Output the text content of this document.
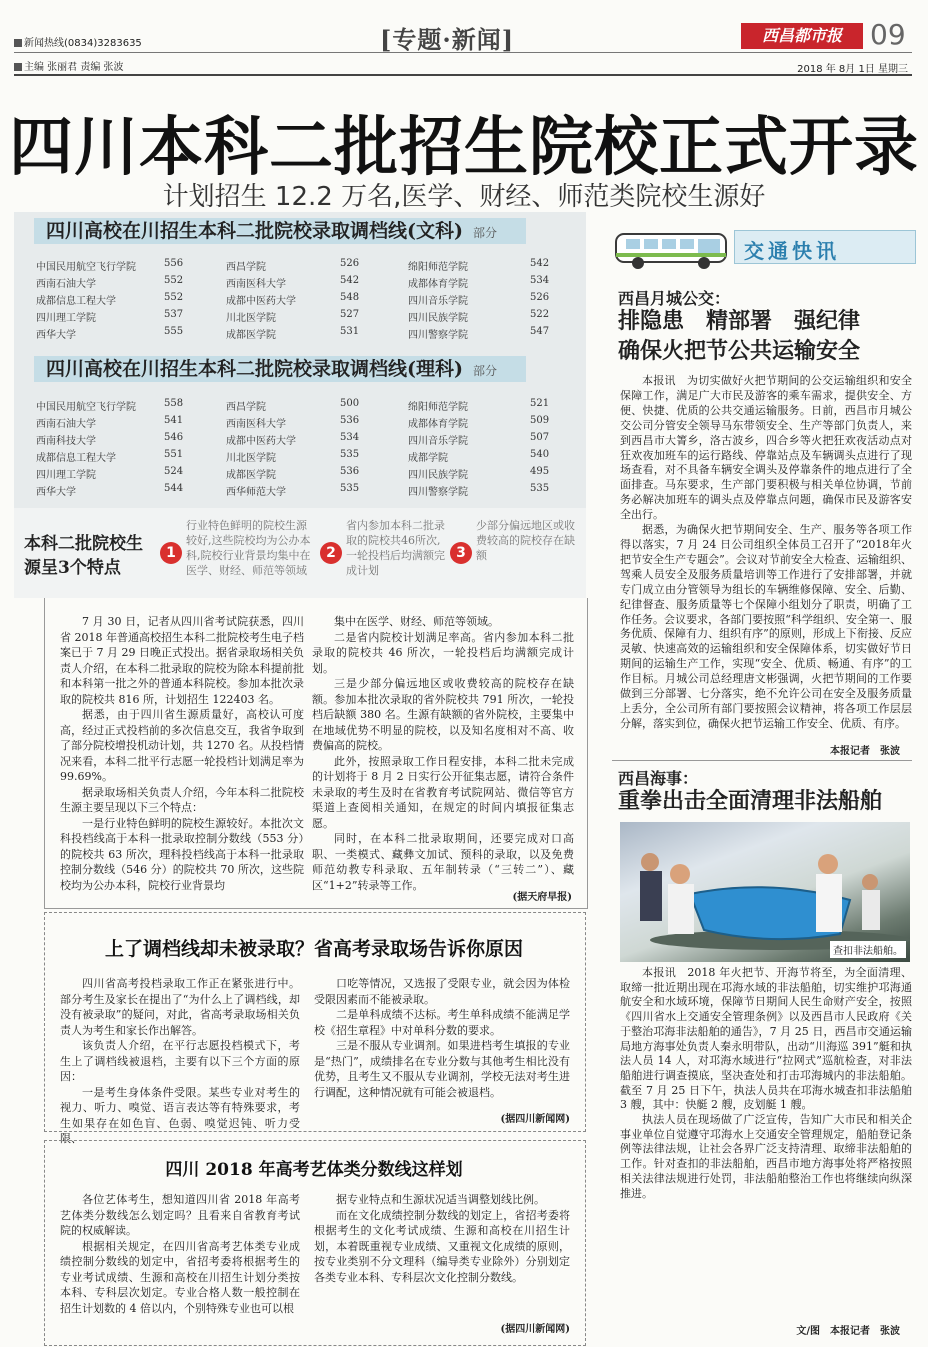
新闻热线(0834)3283635
主编 张丽君 责编 张波
[专题·新闻]	西昌都市报	09
2018 年 8月 1日 星期三
四川本科二批招生院校正式开录
计划招生 12.2 万名,医学、财经、师范类院校生源好
四川高校在川招生本科二批院校录取调档线(文科) 部分
中国民用航空飞行学院	556	西昌学院	526	绵阳师范学院	542
西南石油大学	552	西南医科大学	542	成都体育学院	534
成都信息工程大学	552	成都中医药大学	548	四川音乐学院	526
四川理工学院	537	川北医学院	527	四川民族学院	522
西华大学	555	成都医学院	531	四川警察学院	547
四川高校在川招生本科二批院校录取调档线(理科) 部分
中国民用航空飞行学院	558	西昌学院	500	绵阳师范学院	521
西南石油大学	541	西南医科大学	536	成都体育学院	509
西南科技大学	546	成都中医药大学	534	四川音乐学院	507
成都信息工程大学	551	川北医学院	535	成都学院	540
四川理工学院	524	成都医学院	536	四川民族学院	495
西华大学	544	西华师范大学	535	四川警察学院	535
本科二批院校生源呈3个特点
1
行业特色鲜明的院校生源较好,这些院校均为公办本科,院校行业背景均集中在医学、财经、师范等领域
2
省内参加本科二批录取的院校共46所次,一轮投档后均满额完成计划
3
少部分偏远地区或收费较高的院校存在缺额

7 月 30 日，记者从四川省考试院获悉，四川省 2018 年普通高校招生本科二批院校考生电子档案已于 7 月 29 日晚正式投出。据省录取场相关负责人介绍，在本科二批录取的院校为除本科提前批和本科第一批之外的普通本科院校。参加本批次录取的院校共 816 所，计划招生 122403 名。

据悉，由于四川省生源质量好，高校认可度高，经过正式投档前的多次信息交互，我省争取到了部分院校增投机动计划，共 1270 名。从投档情况来看，本科二批平行志愿一轮投档计划满足率为 99.69%。

据录取场相关负责人介绍，今年本科二批院校生源主要呈现以下三个特点：

一是行业特色鲜明的院校生源较好。本批次文科投档线高于本科一批录取控制分数线（553 分）的院校共 63 所次，理科投档线高于本科一批录取控制分数线（546 分）的院校共 70 所次，这些院校均为公办本科，院校行业背景均

集中在医学、财经、师范等领域。

二是省内院校计划满足率高。省内参加本科二批录取的院校共 46 所次，一轮投档后均满额完成计划。

三是少部分偏远地区或收费较高的院校存在缺额。参加本批次录取的省外院校共 791 所次，一轮投档后缺额 380 名。生源有缺额的省外院校，主要集中在地域优势不明显的院校，以及知名度相对不高、收费偏高的院校。

此外，按照录取工作日程安排，本科二批未完成的计划将于 8 月 2 日实行公开征集志愿，请符合条件未录取的考生及时在省教育考试院网站、微信等官方渠道上查阅相关通知，在规定的时间内填报征集志愿。

同时，在本科二批录取期间，还要完成对口高职、一类模式、藏彝文加试、预科的录取，以及免费师范幼教专科录取、五年制转录（“三转二”）、藏区“1+2”转录等工作。

(据天府早报)
上了调档线却未被录取？省高考录取场告诉你原因

四川省高考投档录取工作正在紧张进行中。部分考生及家长在提出了“为什么上了调档线，却没有被录取”的疑问，对此，省高考录取场相关负责人为考生和家长作出解答。

该负责人介绍，在平行志愿投档模式下，考生上了调档线被退档，主要有以下三个方面的原因：

一是考生身体条件受限。某些专业对考生的视力、听力、嗅觉、语言表达等有特殊要求，考生如果存在如色盲、色弱、嗅觉迟钝、听力受限、

口吃等情况，又选报了受限专业，就会因为体检受限因素而不能被录取。

二是单科成绩不达标。考生单科成绩不能满足学校《招生章程》中对单科分数的要求。

三是不服从专业调剂。如果进档考生填报的专业是“热门”，成绩排名在专业分数与其他考生相比没有优势，且考生又不服从专业调剂，学校无法对考生进行调配，这种情况就有可能会被退档。

(据四川新闻网)
四川 2018 年高考艺体类分数线这样划

各位艺体考生，想知道四川省 2018 年高考艺体类分数线怎么划定吗？且看来自省教育考试院的权威解读。

根据相关规定，在四川省高考艺体类专业成绩控制分数线的划定中，省招考委将根据考生的专业考试成绩、生源和高校在川招生计划分类按本科、专科层次划定。专业合格人数一般控制在招生计划数的 4 倍以内，个别特殊专业也可以根

据专业特点和生源状况适当调整划线比例。

而在文化成绩控制分数线的划定上，省招考委将根据考生的文化考试成绩、生源和高校在川招生计划，本着既重视专业成绩、又重视文化成绩的原则，按专业类别不分文理科（编导类专业除外）分别划定各类专业本科、专科层次文化控制分数线。

(据四川新闻网)
交通快讯
西昌月城公交：
排隐患　精部署　强纪律
确保火把节公共运输安全

本报讯　为切实做好火把节期间的公交运输组织和安全保障工作，满足广大市民及游客的乘车需求，提供安全、方便、快捷、优质的公共交通运输服务。日前，西昌市月城公交公司分管安全领导马东带领安全、生产等部门负责人，来到西昌市大箐乡，洛古波乡，四合乡等火把狂欢夜活动点对狂欢夜加班车的运行路线、停靠站点及车辆调头点进行了现场查看，对不具备车辆安全调头及停靠条件的地点进行了全面排查。马东要求，生产部门要积极与相关单位协调，节前务必解决加班车的调头点及停靠点问题，确保市民及游客安全出行。

据悉，为确保火把节期间安全、生产、服务等各项工作得以落实，7 月 24 日公司组织全体员工召开了“2018年火把节安全生产专题会”。会议对节前安全大检查、运输组织、驾乘人员安全及服务质量培训等工作进行了安排部署，并就专门成立由分管领导为组长的车辆维修保障、安全、后勤、纪律督查、服务质量等七个保障小组划分了职责，明确了工作任务。会议要求，各部门要按照“科学组织、安全第一、服务优质、保障有力、组织有序”的原则，形成上下衔接、反应灵敏、快速高效的运输组织和安全保障体系，切实做好节日期间的运输生产工作，实现“安全、优质、畅通、有序”的工作目标。月城公司总经理唐文彬强调，火把节期间的工作要做到三分部署、七分落实，绝不允许公司在安全及服务质量上丢分，全公司所有部门要按照会议精神，将各项工作层层分解，落实到位，确保火把节运输工作安全、优质、有序。

本报记者　张波
西昌海事：
重拳出击全面清理非法船舶
查扣非法船舶。

本报讯　2018 年火把节、开海节将至，为全面清理、取缔一批近期出现在邛海水域的非法船舶，切实维护邛海通航安全和水域环境，保障节日期间人民生命财产安全，按照《四川省水上交通安全管理条例》以及西昌市人民政府《关于整治邛海非法船舶的通告》，7 月 25 日，西昌市交通运输局地方海事处负责人秦永明带队，出动“川海巡 391”艇和执法人员 14 人，对邛海水域进行“拉网式”巡航检查，对非法船舶进行调查摸底，坚决查处和打击邛海城内的非法船舶。截至 7 月 25 日下午，执法人员共在邛海水城查扣非法船舶 3 艘，其中：快艇 2 艘，皮划艇 1 艘。

执法人员在现场做了广泛宣传，告知广大市民和相关企事业单位自觉遵守邛海水上交通安全管理规定，船舶登记条例等法律法规，让社会各界广泛支持清理、取缔非法船舶的工作。针对查扣的非法船舶，西昌市地方海事处将严格按照相关法律法规进行处罚，非法船舶整治工作也将继续向纵深推进。

文/图　本报记者　张波
